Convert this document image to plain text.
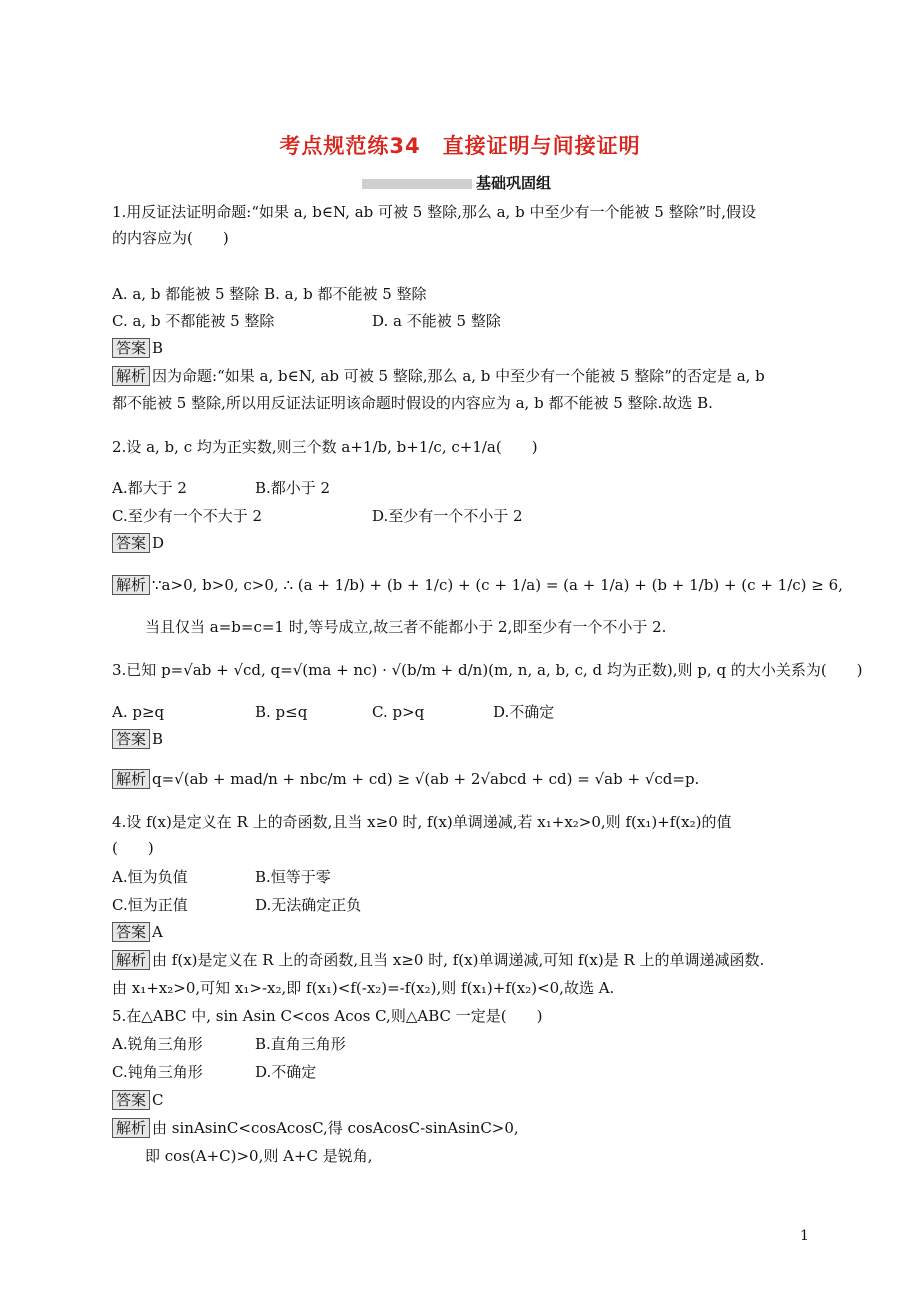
考点规范练34　直接证明与间接证明
基础巩固组
1.用反证法证明命题:“如果 a, b∈N, ab 可被 5 整除,那么 a, b 中至少有一个能被 5 整除”时,假设
的内容应为(　　)
A. a, b 都能被 5 整除 B. a, b 都不能被 5 整除
C. a, b 不都能被 5 整除	D. a 不能被 5 整除
答案 B
解析 因为命题:“如果 a, b∈N, ab 可被 5 整除,那么 a, b 中至少有一个能被 5 整除”的否定是 a, b
都不能被 5 整除,所以用反证法证明该命题时假设的内容应为 a, b 都不能被 5 整除.故选 B.
2.设 a, b, c 均为正实数,则三个数 a+1/b, b+1/c, c+1/a(　　)
A.都大于 2	B.都小于 2
C.至少有一个不大于 2	D.至少有一个不小于 2
答案 D
解析 ∵a>0, b>0, c>0, ∴ (a + 1/b) + (b + 1/c) + (c + 1/a) = (a + 1/a) + (b + 1/b) + (c + 1/c) ≥ 6,
当且仅当 a=b=c=1 时,等号成立,故三者不能都小于 2,即至少有一个不小于 2.
3.已知 p=√ab + √cd, q=√(ma + nc) · √(b/m + d/n)(m, n, a, b, c, d 均为正数),则 p, q 的大小关系为(　　)
A. p≥q	B. p≤q	C. p>q	D.不确定
答案 B
解析 q=√(ab + mad/n + nbc/m + cd) ≥ √(ab + 2√abcd + cd) = √ab + √cd=p.
4.设 f(x)是定义在 R 上的奇函数,且当 x≥0 时, f(x)单调递减,若 x₁+x₂>0,则 f(x₁)+f(x₂)的值
(　　)
A.恒为负值	B.恒等于零
C.恒为正值	D.无法确定正负
答案 A
解析 由 f(x)是定义在 R 上的奇函数,且当 x≥0 时, f(x)单调递减,可知 f(x)是 R 上的单调递减函数.
由 x₁+x₂>0,可知 x₁>-x₂,即 f(x₁)<f(-x₂)=-f(x₂),则 f(x₁)+f(x₂)<0,故选 A.
5.在△ABC 中, sin Asin C<cos Acos C,则△ABC 一定是(　　)
A.锐角三角形	B.直角三角形
C.钝角三角形	D.不确定
答案 C
解析 由 sinAsinC<cosAcosC,得 cosAcosC-sinAsinC>0,
即 cos(A+C)>0,则 A+C 是锐角,
1
